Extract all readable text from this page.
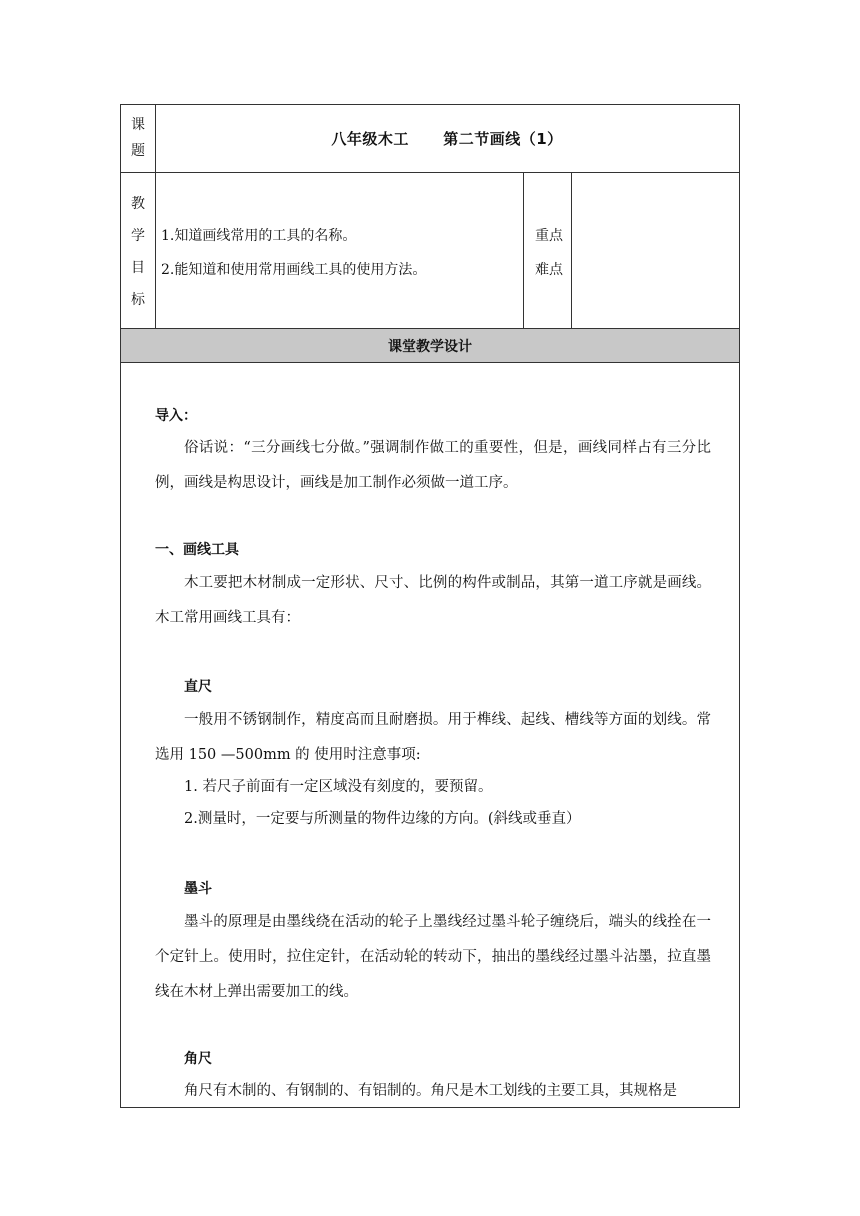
课
题
八年级木工      第二节画线（1）
教
学
目
标
1.知道画线常用的工具的名称。
2.能知道和使用常用画线工具的使用方法。
重点
难点
课堂教学设计
导入：
俗话说：“三分画线七分做。”强调制作做工的重要性，但是，画线同样占有三分比例，画线是构思设计，画线是加工制作必须做一道工序。
一、画线工具
木工要把木材制成一定形状、尺寸、比例的构件或制品，其第一道工序就是画线。木工常用画线工具有：
直尺
一般用不锈钢制作，精度高而且耐磨损。用于榫线、起线、槽线等方面的划线。常选用 150 —500mm 的 使用时注意事项:
1. 若尺子前面有一定区域没有刻度的，要预留。
2.测量时，一定要与所测量的物件边缘的方向。(斜线或垂直）
墨斗
墨斗的原理是由墨线绕在活动的轮子上墨线经过墨斗轮子缠绕后，端头的线拴在一个定针上。使用时，拉住定针，在活动轮的转动下，抽出的墨线经过墨斗沾墨，拉直墨线在木材上弹出需要加工的线。
角尺
角尺有木制的、有钢制的、有铝制的。角尺是木工划线的主要工具，其规格是
